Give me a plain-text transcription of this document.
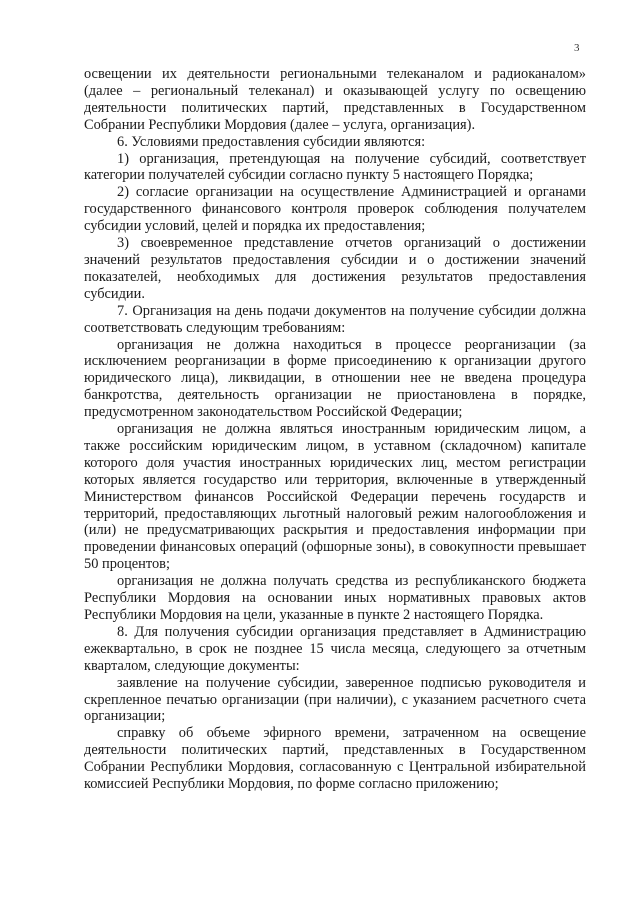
3

освещении их деятельности региональными телеканалом и радиоканалом» (далее – региональный телеканал) и оказывающей услугу по освещению деятельности политических партий, представленных в Государственном Собрании Республики Мордовия (далее – услуга, организация).

6. Условиями предоставления субсидии являются:

1) организация, претендующая на получение субсидий, соответствует категории получателей субсидии согласно пункту 5 настоящего Порядка;

2) согласие организации на осуществление Администрацией и органами государственного финансового контроля проверок соблюдения получателем субсидии условий, целей и порядка их предоставления;

3) своевременное представление отчетов организаций о достижении значений результатов предоставления субсидии и о достижении значений показателей, необходимых для достижения результатов предоставления субсидии.

7. Организация на день подачи документов на получение субсидии должна соответствовать следующим требованиям:

организация не должна находиться в процессе реорганизации (за исключением реорганизации в форме присоединению к организации другого юридического лица), ликвидации, в отношении нее не введена процедура банкротства, деятельность организации не приостановлена в порядке, предусмотренном законодательством Российской Федерации;

организация не должна являться иностранным юридическим лицом, а также российским юридическим лицом, в уставном (складочном) капитале которого доля участия иностранных юридических лиц, местом регистрации которых является государство или территория, включенные в утвержденный Министерством финансов Российской Федерации перечень государств и территорий, предоставляющих льготный налоговый режим налогообложения и (или) не предусматривающих раскрытия и предоставления информации при проведении финансовых операций (офшорные зоны), в совокупности превышает 50 процентов;

организация не должна получать средства из республиканского бюджета Республики Мордовия на основании иных нормативных правовых актов Республики Мордовия на цели, указанные в пункте 2 настоящего Порядка.

8. Для получения субсидии организация представляет в Администрацию ежеквартально, в срок не позднее 15 числа месяца, следующего за отчетным кварталом, следующие документы:

заявление на получение субсидии, заверенное подписью руководителя и скрепленное печатью организации (при наличии), с указанием расчетного счета организации;

справку об объеме эфирного времени, затраченном на освещение деятельности политических партий, представленных в Государственном Собрании Республики Мордовия, согласованную с Центральной избирательной комиссией Республики Мордовия, по форме согласно приложению;
